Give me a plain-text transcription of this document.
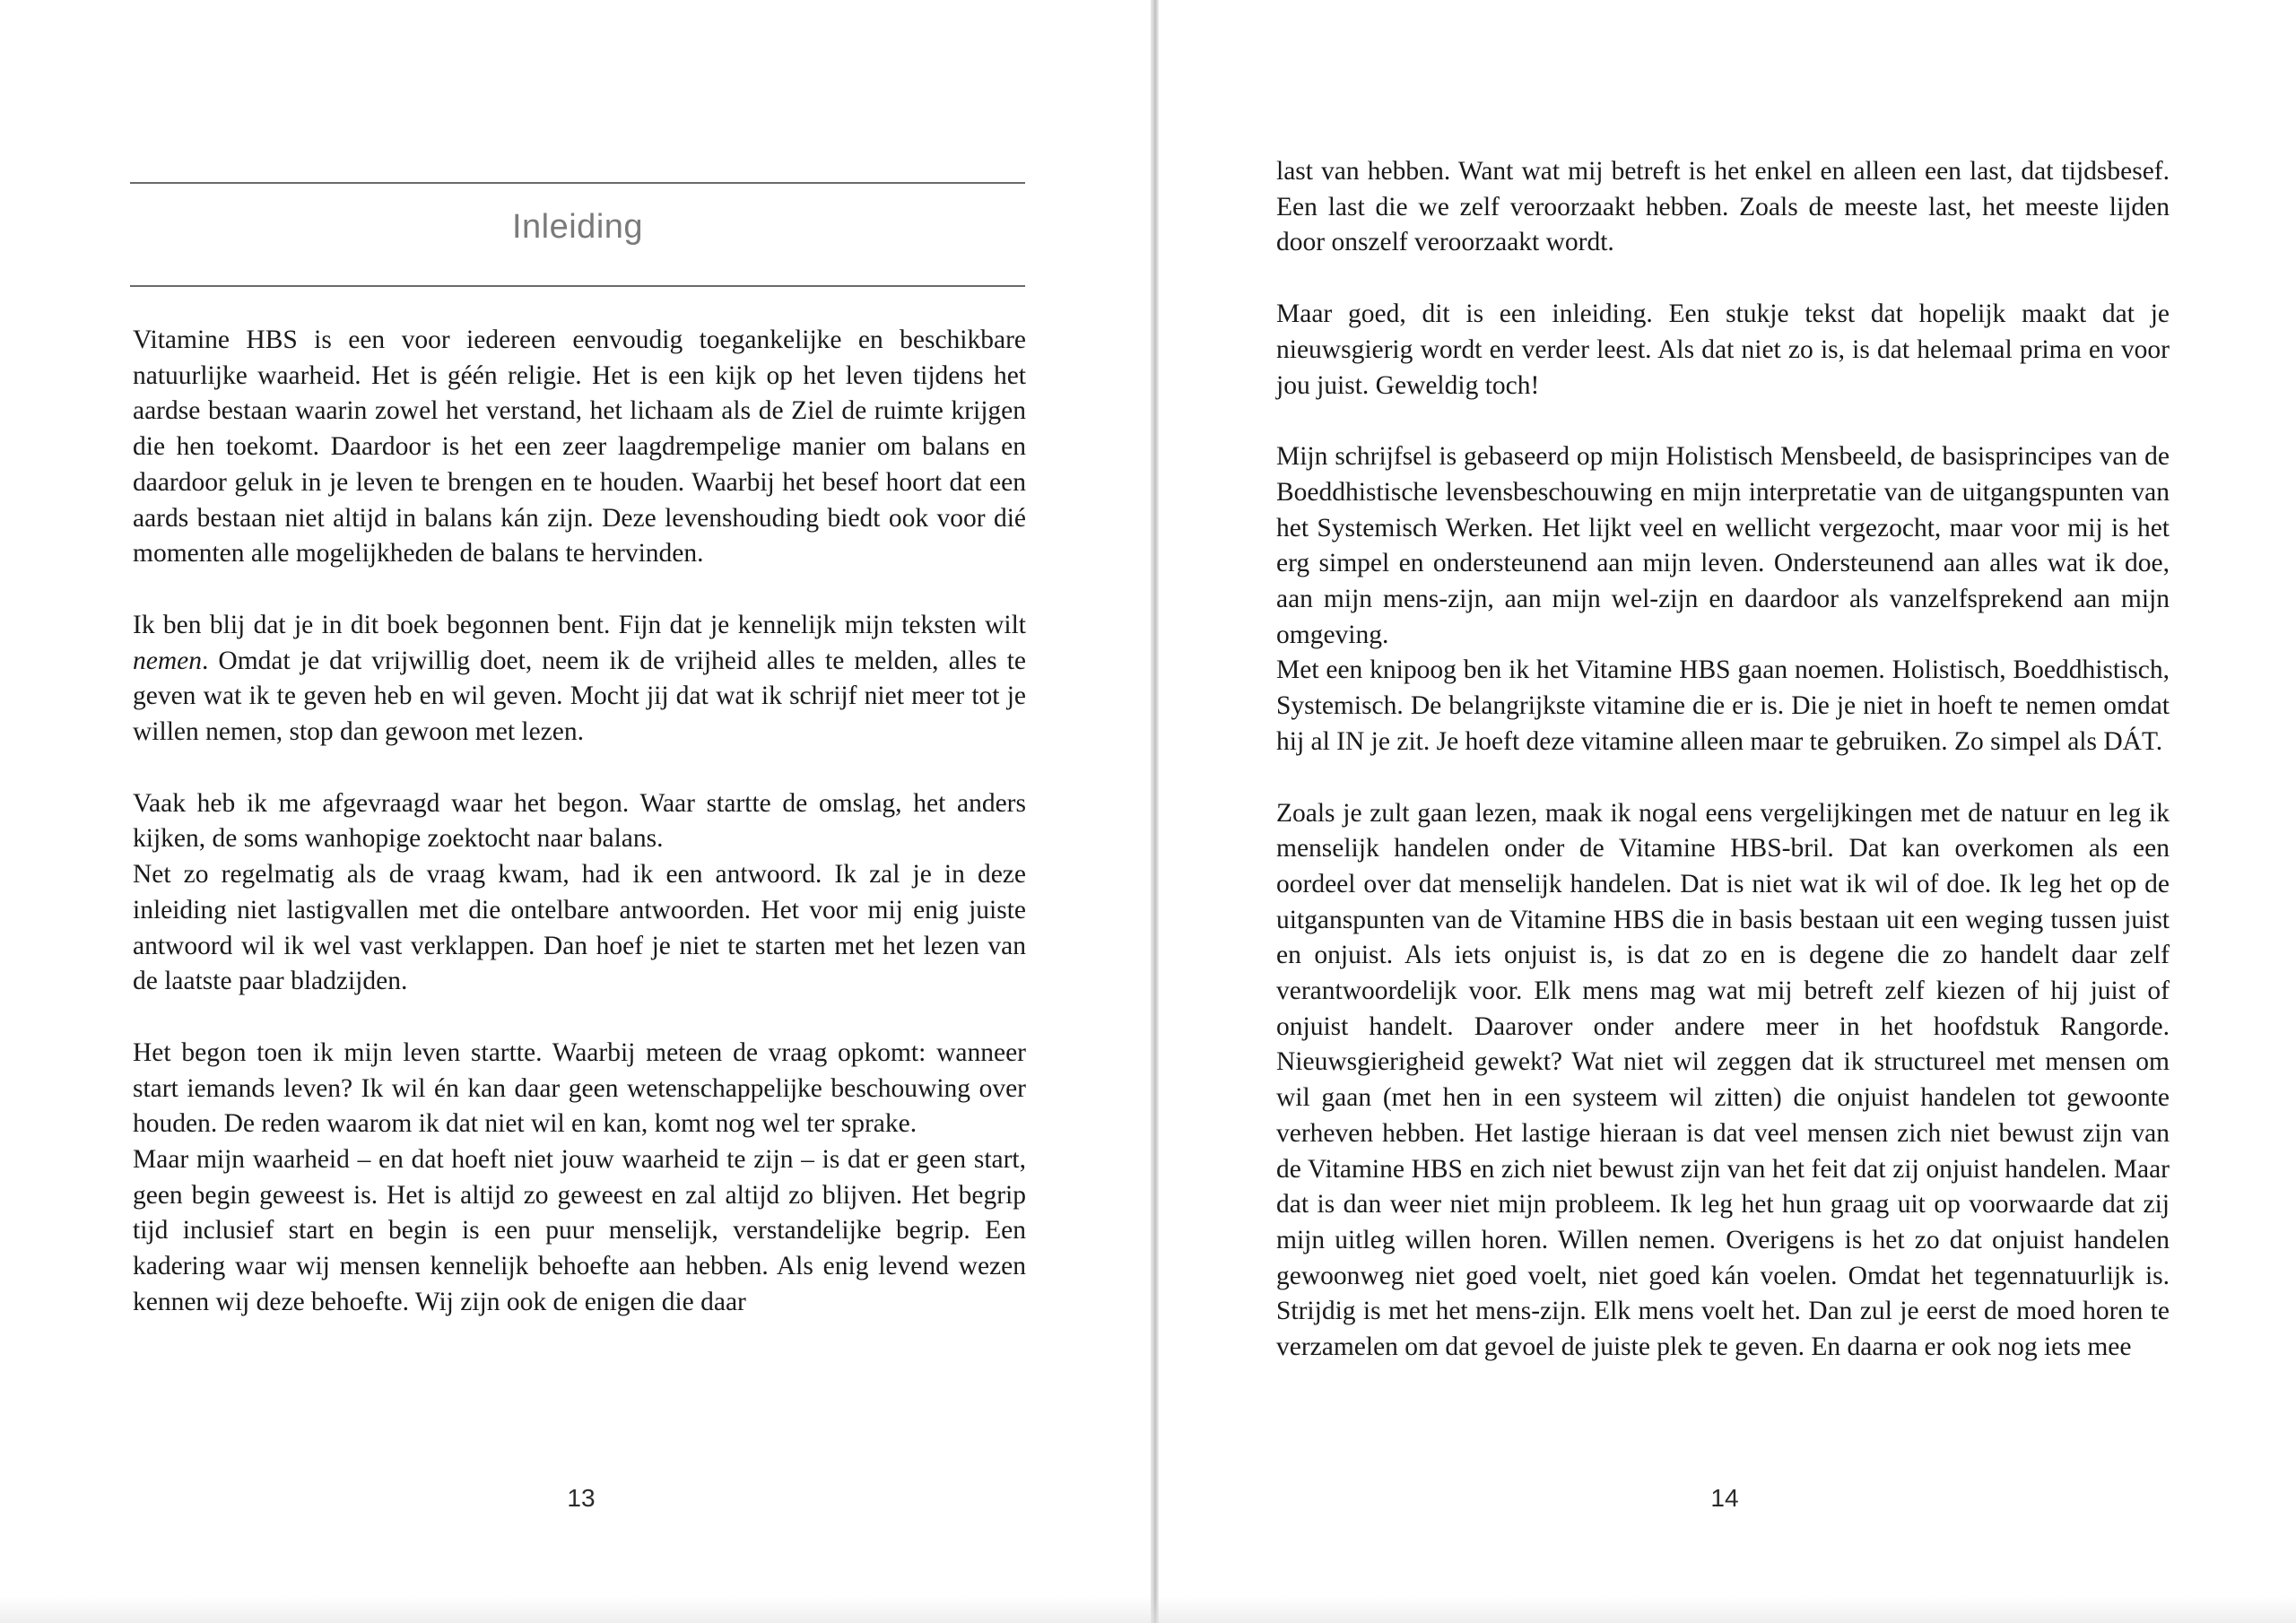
Inleiding

Vitamine HBS is een voor iedereen eenvoudig toegankelijke en beschikbare natuurlijke waarheid. Het is géén religie. Het is een kijk op het leven tijdens het aardse bestaan waarin zowel het verstand, het lichaam als de Ziel de ruimte krijgen die hen toekomt. Daardoor is het een zeer laagdrempelige manier om balans en daardoor geluk in je leven te brengen en te houden. Waarbij het besef hoort dat een aards bestaan niet altijd in balans kán zijn. Deze levenshouding biedt ook voor dié momenten alle mogelijkheden de balans te hervinden.

Ik ben blij dat je in dit boek begonnen bent. Fijn dat je kennelijk mijn teksten wilt nemen. Omdat je dat vrijwillig doet, neem ik de vrijheid alles te melden, alles te geven wat ik te geven heb en wil geven. Mocht jij dat wat ik schrijf niet meer tot je willen nemen, stop dan gewoon met lezen.

Vaak heb ik me afgevraagd waar het begon. Waar startte de omslag, het anders kijken, de soms wanhopige zoektocht naar balans.

Net zo regelmatig als de vraag kwam, had ik een antwoord. Ik zal je in deze inleiding niet lastigvallen met die ontelbare antwoorden. Het voor mij enig juiste antwoord wil ik wel vast verklappen. Dan hoef je niet te starten met het lezen van de laatste paar bladzijden.

Het begon toen ik mijn leven startte. Waarbij meteen de vraag opkomt: wanneer start iemands leven? Ik wil én kan daar geen wetenschappelijke beschouwing over houden. De reden waarom ik dat niet wil en kan, komt nog wel ter sprake.

Maar mijn waarheid – en dat hoeft niet jouw waarheid te zijn – is dat er geen start, geen begin geweest is. Het is altijd zo geweest en zal altijd zo blijven. Het begrip tijd inclusief start en begin is een puur menselijk, verstandelijke begrip. Een kadering waar wij mensen kennelijk behoefte aan hebben. Als enig levend wezen kennen wij deze behoefte. Wij zijn ook de enigen die daar

13

last van hebben. Want wat mij betreft is het enkel en alleen een last, dat tijdsbesef. Een last die we zelf veroorzaakt hebben. Zoals de meeste last, het meeste lijden door onszelf veroorzaakt wordt.

Maar goed, dit is een inleiding. Een stukje tekst dat hopelijk maakt dat je nieuwsgierig wordt en verder leest. Als dat niet zo is, is dat helemaal prima en voor jou juist. Geweldig toch!

Mijn schrijfsel is gebaseerd op mijn Holistisch Mensbeeld, de basisprincipes van de Boeddhistische levensbeschouwing en mijn interpretatie van de uitgangspunten van het Systemisch Werken. Het lijkt veel en wellicht vergezocht, maar voor mij is het erg simpel en ondersteunend aan mijn leven. Ondersteunend aan alles wat ik doe, aan mijn mens-zijn, aan mijn wel-zijn en daardoor als vanzelfsprekend aan mijn omgeving.

Met een knipoog ben ik het Vitamine HBS gaan noemen. Holistisch, Boeddhistisch, Systemisch. De belangrijkste vitamine die er is. Die je niet in hoeft te nemen omdat hij al IN je zit. Je hoeft deze vitamine alleen maar te gebruiken. Zo simpel als DÁT.

Zoals je zult gaan lezen, maak ik nogal eens vergelijkingen met de natuur en leg ik menselijk handelen onder de Vitamine HBS-bril. Dat kan overkomen als een oordeel over dat menselijk handelen. Dat is niet wat ik wil of doe. Ik leg het op de uitganspunten van de Vitamine HBS die in basis bestaan uit een weging tussen juist en onjuist. Als iets onjuist is, is dat zo en is degene die zo handelt daar zelf verantwoordelijk voor. Elk mens mag wat mij betreft zelf kiezen of hij juist of onjuist handelt. Daarover onder andere meer in het hoofdstuk Rangorde. Nieuwsgierigheid gewekt? Wat niet wil zeggen dat ik structureel met mensen om wil gaan (met hen in een systeem wil zitten) die onjuist handelen tot gewoonte verheven hebben. Het lastige hieraan is dat veel mensen zich niet bewust zijn van de Vitamine HBS en zich niet bewust zijn van het feit dat zij onjuist handelen. Maar dat is dan weer niet mijn probleem. Ik leg het hun graag uit op voorwaarde dat zij mijn uitleg willen horen. Willen nemen. Overigens is het zo dat onjuist handelen gewoonweg niet goed voelt, niet goed kán voelen. Omdat het tegennatuurlijk is. Strijdig is met het mens-zijn. Elk mens voelt het. Dan zul je eerst de moed horen te verzamelen om dat gevoel de juiste plek te geven. En daarna er ook nog iets mee

14
